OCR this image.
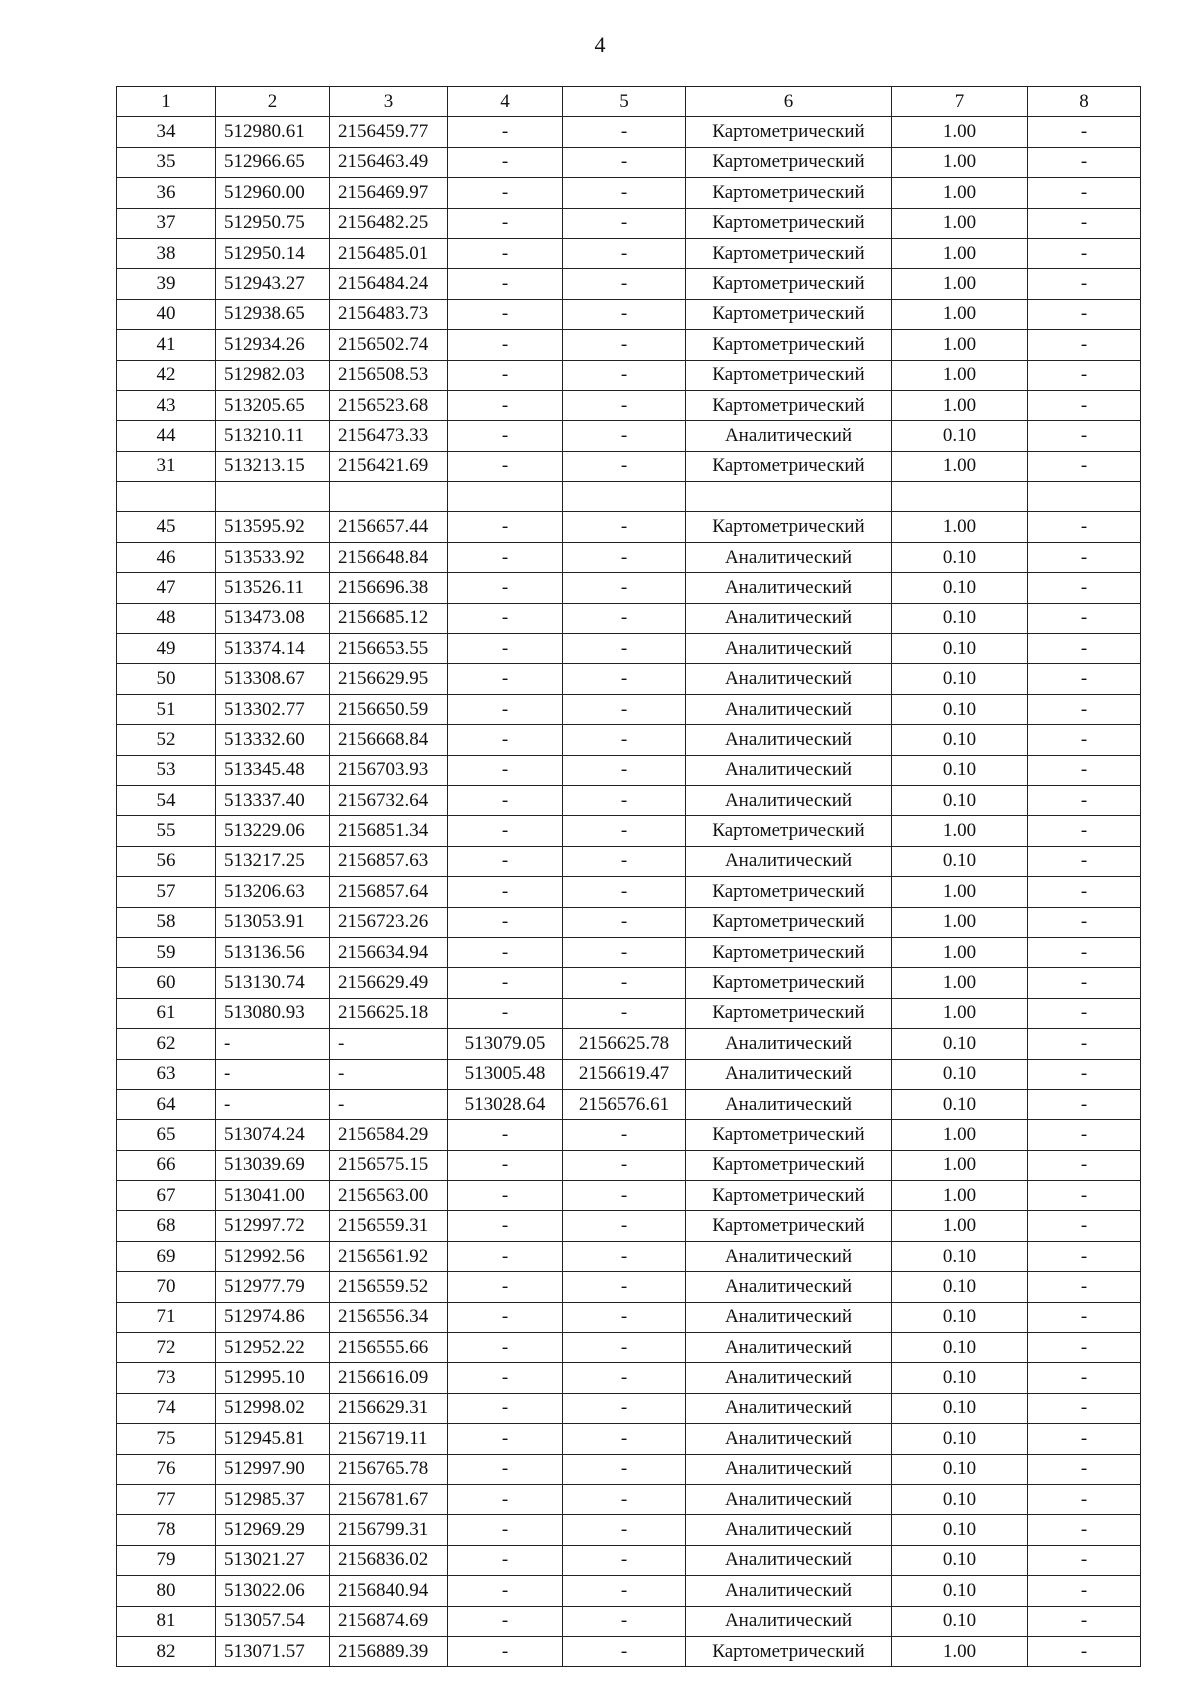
4
1	2	3	4	5	6	7	8
34	512980.61	2156459.77	-	-	Картометрический	1.00	-
35	512966.65	2156463.49	-	-	Картометрический	1.00	-
36	512960.00	2156469.97	-	-	Картометрический	1.00	-
37	512950.75	2156482.25	-	-	Картометрический	1.00	-
38	512950.14	2156485.01	-	-	Картометрический	1.00	-
39	512943.27	2156484.24	-	-	Картометрический	1.00	-
40	512938.65	2156483.73	-	-	Картометрический	1.00	-
41	512934.26	2156502.74	-	-	Картометрический	1.00	-
42	512982.03	2156508.53	-	-	Картометрический	1.00	-
43	513205.65	2156523.68	-	-	Картометрический	1.00	-
44	513210.11	2156473.33	-	-	Аналитический	0.10	-
31	513213.15	2156421.69	-	-	Картометрический	1.00	-

45	513595.92	2156657.44	-	-	Картометрический	1.00	-
46	513533.92	2156648.84	-	-	Аналитический	0.10	-
47	513526.11	2156696.38	-	-	Аналитический	0.10	-
48	513473.08	2156685.12	-	-	Аналитический	0.10	-
49	513374.14	2156653.55	-	-	Аналитический	0.10	-
50	513308.67	2156629.95	-	-	Аналитический	0.10	-
51	513302.77	2156650.59	-	-	Аналитический	0.10	-
52	513332.60	2156668.84	-	-	Аналитический	0.10	-
53	513345.48	2156703.93	-	-	Аналитический	0.10	-
54	513337.40	2156732.64	-	-	Аналитический	0.10	-
55	513229.06	2156851.34	-	-	Картометрический	1.00	-
56	513217.25	2156857.63	-	-	Аналитический	0.10	-
57	513206.63	2156857.64	-	-	Картометрический	1.00	-
58	513053.91	2156723.26	-	-	Картометрический	1.00	-
59	513136.56	2156634.94	-	-	Картометрический	1.00	-
60	513130.74	2156629.49	-	-	Картометрический	1.00	-
61	513080.93	2156625.18	-	-	Картометрический	1.00	-
62	-	-	513079.05	2156625.78	Аналитический	0.10	-
63	-	-	513005.48	2156619.47	Аналитический	0.10	-
64	-	-	513028.64	2156576.61	Аналитический	0.10	-
65	513074.24	2156584.29	-	-	Картометрический	1.00	-
66	513039.69	2156575.15	-	-	Картометрический	1.00	-
67	513041.00	2156563.00	-	-	Картометрический	1.00	-
68	512997.72	2156559.31	-	-	Картометрический	1.00	-
69	512992.56	2156561.92	-	-	Аналитический	0.10	-
70	512977.79	2156559.52	-	-	Аналитический	0.10	-
71	512974.86	2156556.34	-	-	Аналитический	0.10	-
72	512952.22	2156555.66	-	-	Аналитический	0.10	-
73	512995.10	2156616.09	-	-	Аналитический	0.10	-
74	512998.02	2156629.31	-	-	Аналитический	0.10	-
75	512945.81	2156719.11	-	-	Аналитический	0.10	-
76	512997.90	2156765.78	-	-	Аналитический	0.10	-
77	512985.37	2156781.67	-	-	Аналитический	0.10	-
78	512969.29	2156799.31	-	-	Аналитический	0.10	-
79	513021.27	2156836.02	-	-	Аналитический	0.10	-
80	513022.06	2156840.94	-	-	Аналитический	0.10	-
81	513057.54	2156874.69	-	-	Аналитический	0.10	-
82	513071.57	2156889.39	-	-	Картометрический	1.00	-
